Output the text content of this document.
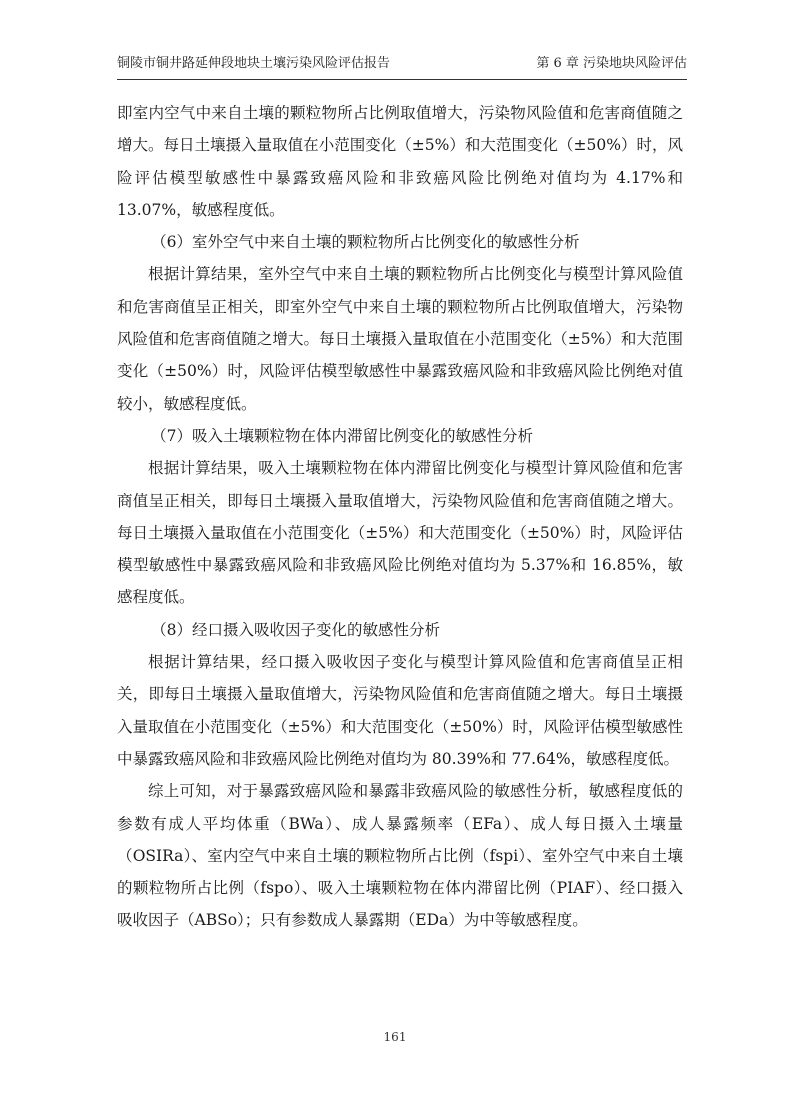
铜陵市铜井路延伸段地块土壤污染风险评估报告	第 6 章 污染地块风险评估

即室内空气中来自土壤的颗粒物所占比例取值增大，污染物风险值和危害商值随之增大。每日土壤摄入量取值在小范围变化（±5%）和大范围变化（±50%）时，风险评估模型敏感性中暴露致癌风险和非致癌风险比例绝对值均为 4.17%和 13.07%，敏感程度低。

（6）室外空气中来自土壤的颗粒物所占比例变化的敏感性分析

根据计算结果，室外空气中来自土壤的颗粒物所占比例变化与模型计算风险值和危害商值呈正相关，即室外空气中来自土壤的颗粒物所占比例取值增大，污染物风险值和危害商值随之增大。每日土壤摄入量取值在小范围变化（±5%）和大范围变化（±50%）时，风险评估模型敏感性中暴露致癌风险和非致癌风险比例绝对值较小，敏感程度低。

（7）吸入土壤颗粒物在体内滞留比例变化的敏感性分析

根据计算结果，吸入土壤颗粒物在体内滞留比例变化与模型计算风险值和危害商值呈正相关，即每日土壤摄入量取值增大，污染物风险值和危害商值随之增大。每日土壤摄入量取值在小范围变化（±5%）和大范围变化（±50%）时，风险评估模型敏感性中暴露致癌风险和非致癌风险比例绝对值均为 5.37%和 16.85%，敏感程度低。

（8）经口摄入吸收因子变化的敏感性分析

根据计算结果，经口摄入吸收因子变化与模型计算风险值和危害商值呈正相关，即每日土壤摄入量取值增大，污染物风险值和危害商值随之增大。每日土壤摄入量取值在小范围变化（±5%）和大范围变化（±50%）时，风险评估模型敏感性中暴露致癌风险和非致癌风险比例绝对值均为 80.39%和 77.64%，敏感程度低。

综上可知，对于暴露致癌风险和暴露非致癌风险的敏感性分析，敏感程度低的参数有成人平均体重（BWa）、成人暴露频率（EFa）、成人每日摄入土壤量（OSIRa）、室内空气中来自土壤的颗粒物所占比例（fspi）、室外空气中来自土壤的颗粒物所占比例（fspo）、吸入土壤颗粒物在体内滞留比例（PIAF）、经口摄入吸收因子（ABSo）；只有参数成人暴露期（EDa）为中等敏感程度。

161
